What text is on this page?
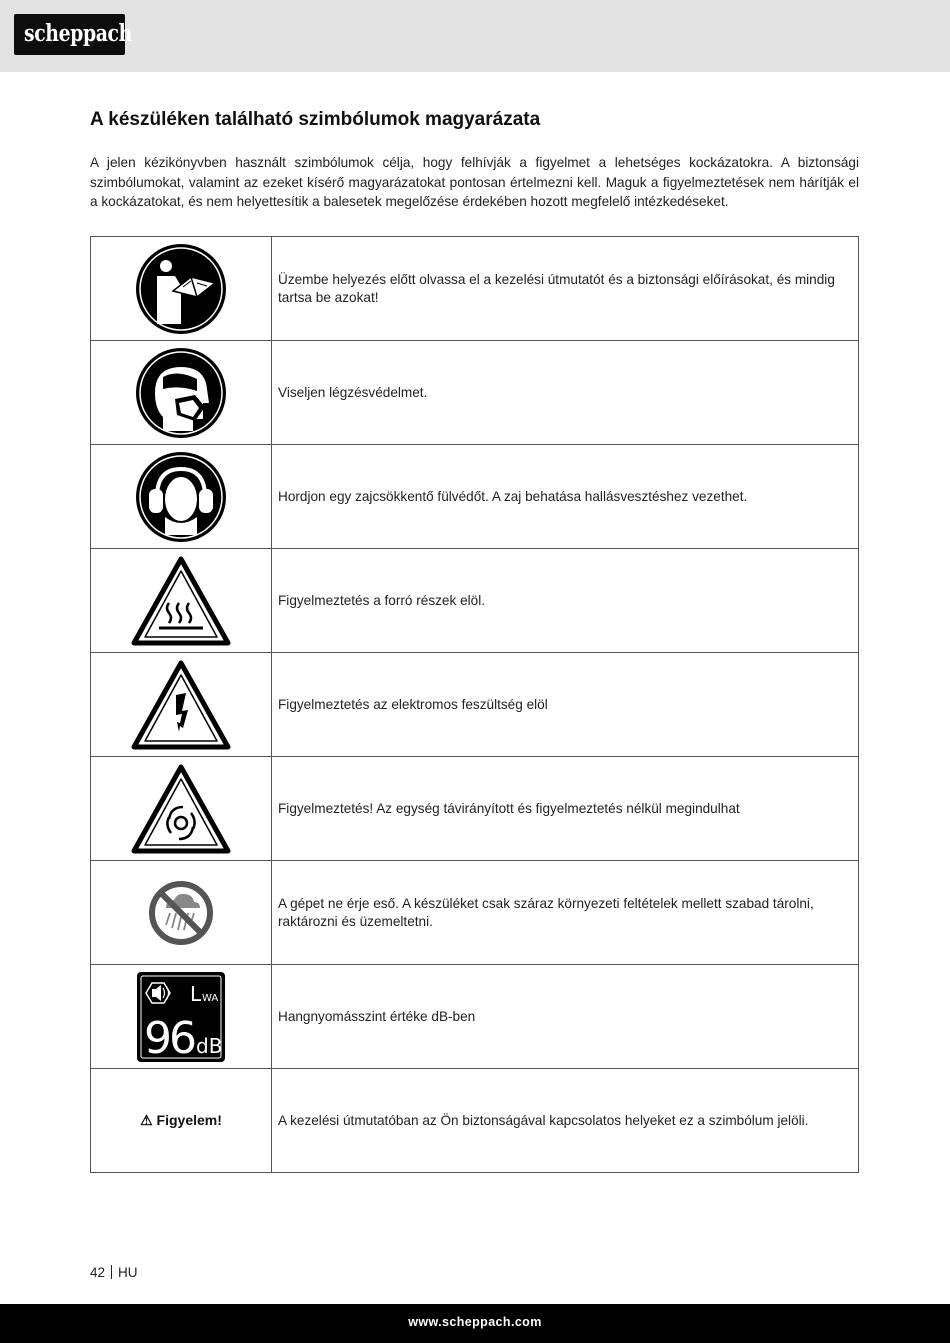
scheppach
A készüléken található szimbólumok magyarázata

A jelen kézikönyvben használt szimbólumok célja, hogy felhívják a figyelmet a lehetséges kockázatokra. A biztonsági szimbólumokat, valamint az ezeket kísérő magyarázatokat pontosan értelmezni kell. Maguk a figyelmeztetések nem hárítják el a kockázatokat, és nem helyettesítik a balesetek megelőzése érdekében hozott megfelelő intézkedéseket.

	Üzembe helyezés előtt olvassa el a kezelési útmutatót és a biztonsági előírásokat, és mindig tartsa be azokat!

	Viseljen légzésvédelmet.

	Hordjon egy zajcsökkentő fülvédőt. A zaj behatása hallásvesztéshez vezethet.

	Figyelmeztetés a forró részek elöl.

	Figyelmeztetés az elektromos feszültség elöl

	Figyelmeztetés! Az egység távirányított és figyelmeztetés nélkül megindulhat

	A gépet ne érje eső. A készüléket csak száraz környezeti feltételek mellett szabad tárolni, raktározni és üzemeltetni.

L WA
96 dB	Hangnyomásszint értéke dB-ben
⚠ Figyelem!	A kezelési útmutatóban az Ön biztonságával kapcsolatos helyeket ez a szimbólum jelöli.
42 HU
www.scheppach.com
